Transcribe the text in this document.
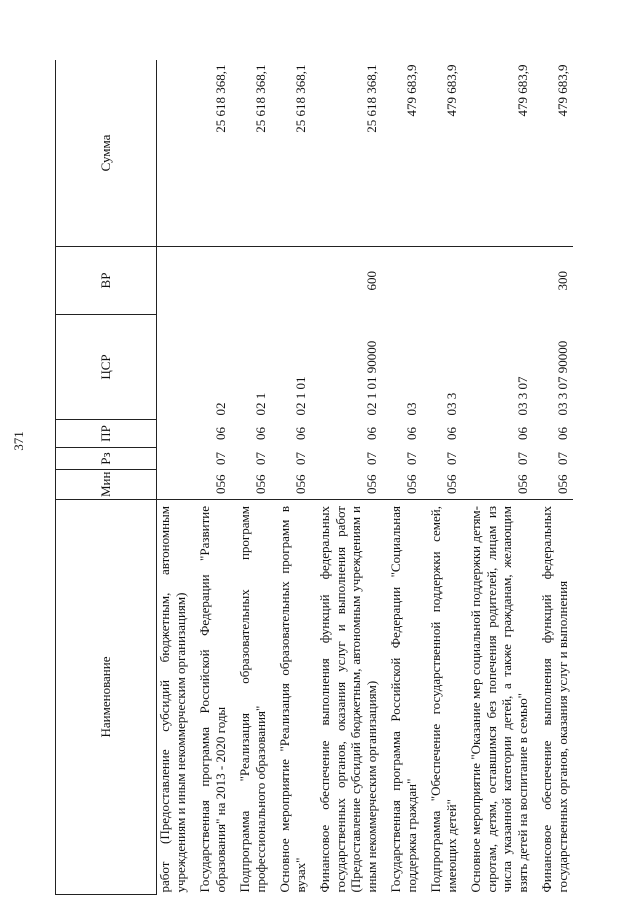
371
Наименование	Мин	Рз	ПР	ЦСР	ВР	Сумма
работ (Предоставление субсидий бюджетным, автономным учреждениям и иным некоммерческим организациям)						
Государственная программа Российской Федерации "Развитие образования" на 2013 - 2020 годы	056	07	06	02		25 618 368,1
Подпрограмма "Реализация образовательных программ профессионального образования"	056	07	06	02 1		25 618 368,1
Основное мероприятие "Реализация образовательных программ в вузах"	056	07	06	02 1 01		25 618 368,1
Финансовое обеспечение выполнения функций федеральных государственных органов, оказания услуг и выполнения работ (Предоставление субсидий бюджетным, автономным учреждениям и иным некоммерческим организациям)	056	07	06	02 1 01 90000	600	25 618 368,1
Государственная программа Российской Федерации "Социальная поддержка граждан"	056	07	06	03		479 683,9
Подпрограмма "Обеспечение государственной поддержки семей, имеющих детей"	056	07	06	03 3		479 683,9
Основное мероприятие "Оказание мер социальной поддержки детям-сиротам, детям, оставшимся без попечения родителей, лицам из числа указанной категории детей, а также гражданам, желающим взять детей на воспитание в семью"	056	07	06	03 3 07		479 683,9
Финансовое обеспечение выполнения функций федеральных государственных органов, оказания услуг и выполнения	056	07	06	03 3 07 90000	300	479 683,9
